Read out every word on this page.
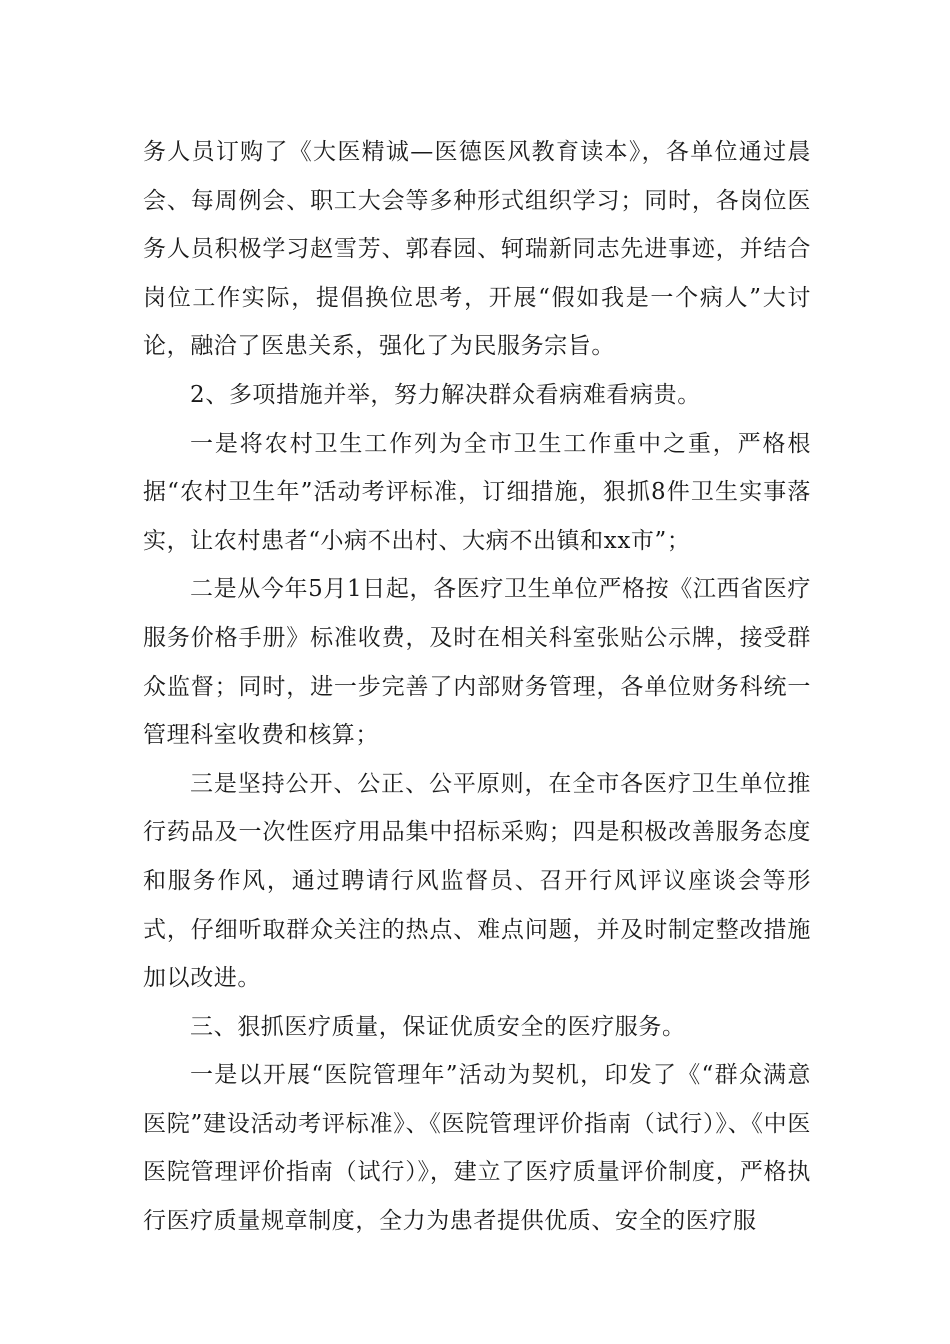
务人员订购了《大医精诚—医德医风教育读本》，各单位通过晨会、每周例会、职工大会等多种形式组织学习；同时，各岗位医务人员积极学习赵雪芳、郭春园、轲瑞新同志先进事迹，并结合岗位工作实际，提倡换位思考，开展“假如我是一个病人”大讨论，融洽了医患关系，强化了为民服务宗旨。

2、多项措施并举，努力解决群众看病难看病贵。

一是将农村卫生工作列为全市卫生工作重中之重，严格根据“农村卫生年”活动考评标准，订细措施，狠抓8件卫生实事落实，让农村患者“小病不出村、大病不出镇和xx市”；

二是从今年5月1日起，各医疗卫生单位严格按《江西省医疗服务价格手册》标准收费，及时在相关科室张贴公示牌，接受群众监督；同时，进一步完善了内部财务管理，各单位财务科统一管理科室收费和核算；

三是坚持公开、公正、公平原则，在全市各医疗卫生单位推行药品及一次性医疗用品集中招标采购；四是积极改善服务态度和服务作风，通过聘请行风监督员、召开行风评议座谈会等形式，仔细听取群众关注的热点、难点问题，并及时制定整改措施加以改进。

三、狠抓医疗质量，保证优质安全的医疗服务。

一是以开展“医院管理年”活动为契机，印发了《“群众满意医院”建设活动考评标准》、《医院管理评价指南（试行）》、《中医医院管理评价指南（试行）》，建立了医疗质量评价制度，严格执行医疗质量规章制度，全力为患者提供优质、安全的医疗服
